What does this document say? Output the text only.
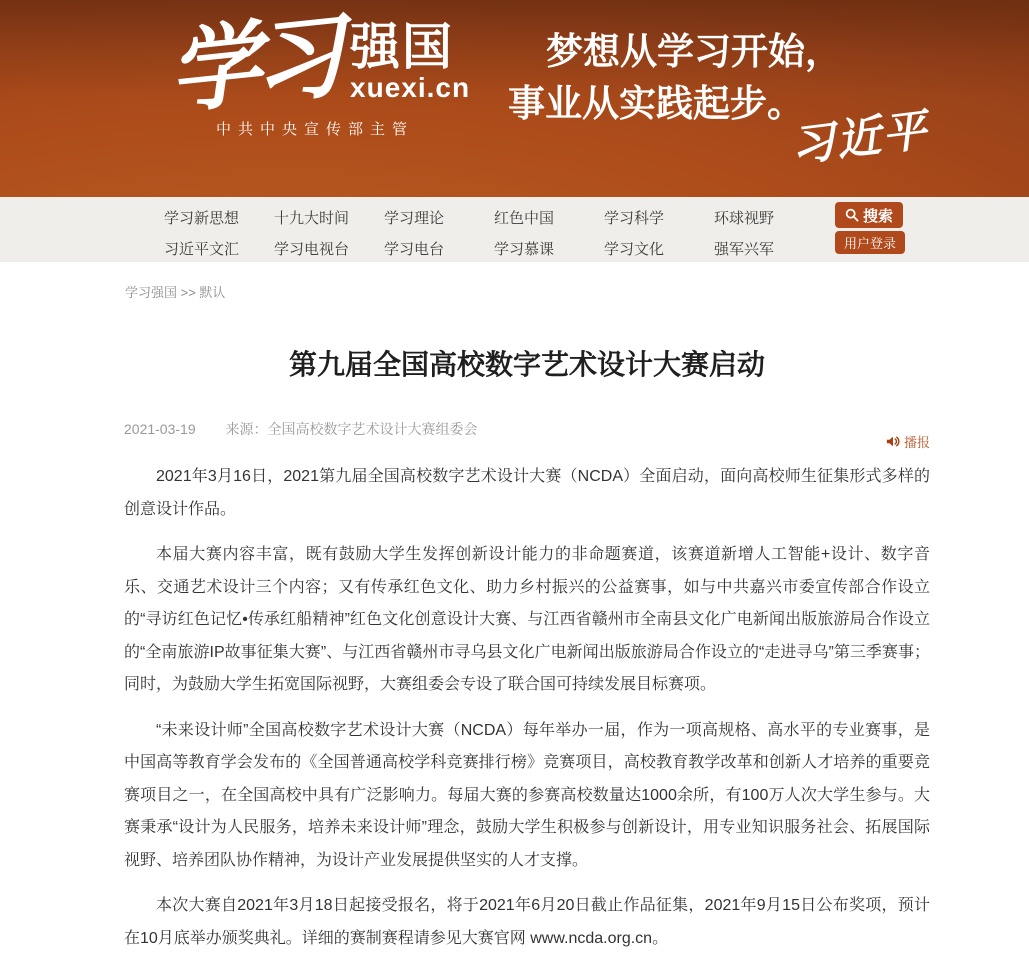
学习 强国
xuexi.cn
中共中央宣传部主管
梦想从学习开始，
事业从实践起步。
习近平
学习新思想	十九大时间	学习理论	红色中国	学习科学	环球视野
习近平文汇	学习电视台	学习电台	学习慕课	学习文化	强军兴军
搜索
用户登录
学习强国 >> 默认
第九届全国高校数字艺术设计大赛启动
2021-03-19 来源：全国高校数字艺术设计大赛组委会
播报

2021年3月16日，2021第九届全国高校数字艺术设计大赛（NCDA）全面启动，面向高校师生征集形式多样的创意设计作品。

本届大赛内容丰富，既有鼓励大学生发挥创新设计能力的非命题赛道，该赛道新增人工智能+设计、数字音乐、交通艺术设计三个内容；又有传承红色文化、助力乡村振兴的公益赛事，如与中共嘉兴市委宣传部合作设立的“寻访红色记忆•传承红船精神”红色文化创意设计大赛、与江西省赣州市全南县文化广电新闻出版旅游局合作设立的“全南旅游IP故事征集大赛”、与江西省赣州市寻乌县文化广电新闻出版旅游局合作设立的“走进寻乌”第三季赛事；同时，为鼓励大学生拓宽国际视野，大赛组委会专设了联合国可持续发展目标赛项。

“未来设计师”全国高校数字艺术设计大赛（NCDA）每年举办一届，作为一项高规格、高水平的专业赛事，是中国高等教育学会发布的《全国普通高校学科竞赛排行榜》竞赛项目，高校教育教学改革和创新人才培养的重要竞赛项目之一，在全国高校中具有广泛影响力。每届大赛的参赛高校数量达1000余所，有100万人次大学生参与。大赛秉承“设计为人民服务，培养未来设计师”理念，鼓励大学生积极参与创新设计，用专业知识服务社会、拓展国际视野、培养团队协作精神，为设计产业发展提供坚实的人才支撑。

本次大赛自2021年3月18日起接受报名，将于2021年6月20日截止作品征集，2021年9月15日公布奖项，预计在10月底举办颁奖典礼。详细的赛制赛程请参见大赛官网 www.ncda.org.cn。
